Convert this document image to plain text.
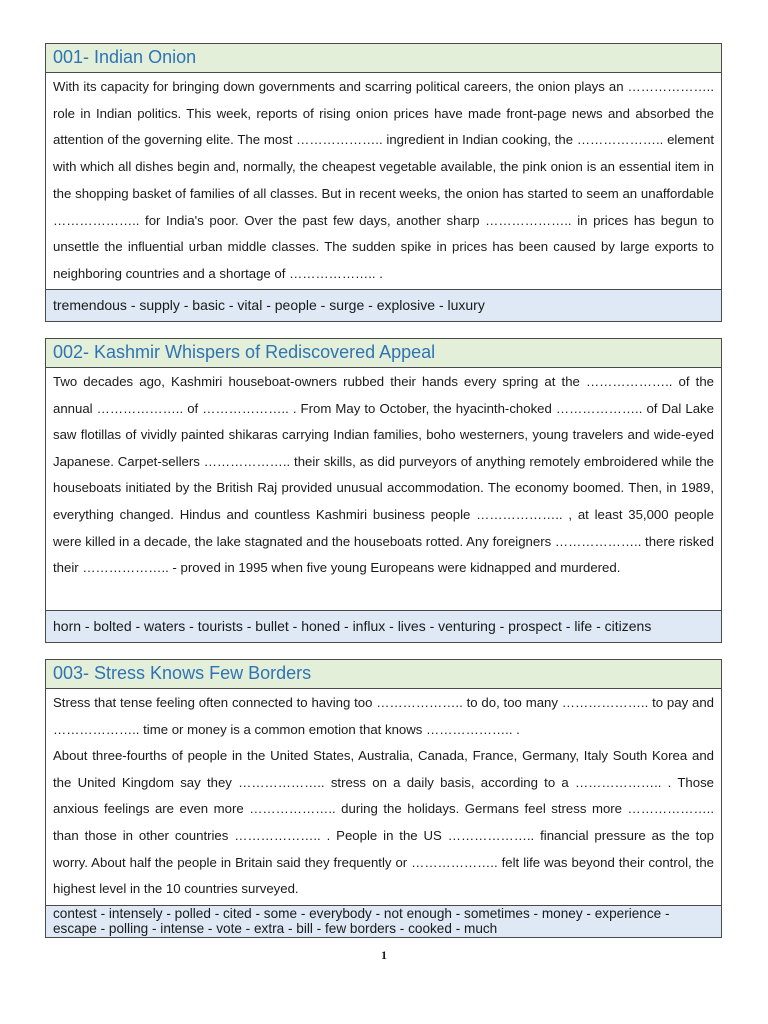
001- Indian Onion

With its capacity for bringing down governments and scarring political careers, the onion plays an ……………….. role in Indian politics. This week, reports of rising onion prices have made front-page news and absorbed the attention of the governing elite. The most ……………….. ingredient in Indian cooking, the ……………….. element with which all dishes begin and, normally, the cheapest vegetable available, the pink onion is an essential item in the shopping basket of families of all classes. But in recent weeks, the onion has started to seem an unaffordable ……………….. for India's poor. Over the past few days, another sharp ……………….. in prices has begun to unsettle the influential urban middle classes. The sudden spike in prices has been caused by large exports to neighboring countries and a shortage of ……………….. .

tremendous - supply - basic - vital - people - surge - explosive - luxury
002- Kashmir Whispers of Rediscovered Appeal

Two decades ago, Kashmiri houseboat-owners rubbed their hands every spring at the ……………….. of the annual ……………….. of ……………….. . From May to October, the hyacinth-choked ……………….. of Dal Lake saw flotillas of vividly painted shikaras carrying Indian families, boho westerners, young travelers and wide-eyed Japanese. Carpet-sellers ……………….. their skills, as did purveyors of anything remotely embroidered while the houseboats initiated by the British Raj provided unusual accommodation. The economy boomed. Then, in 1989, everything changed. Hindus and countless Kashmiri business people ……………….. , at least 35,000 people were killed in a decade, the lake stagnated and the houseboats rotted. Any foreigners ……………….. there risked their ……………….. - proved in 1995 when five young Europeans were kidnapped and murdered.

horn - bolted - waters - tourists - bullet - honed - influx - lives - venturing - prospect - life - citizens
003- Stress Knows Few Borders

Stress that tense feeling often connected to having too ……………….. to do, too many ……………….. to pay and ……………….. time or money is a common emotion that knows ……………….. .

About three-fourths of people in the United States, Australia, Canada, France, Germany, Italy South Korea and the United Kingdom say they ……………….. stress on a daily basis, according to a ……………….. . Those anxious feelings are even more ……………….. during the holidays. Germans feel stress more ……………….. than those in other countries ……………….. . People in the US ……………….. financial pressure as the top worry. About half the people in Britain said they frequently or ……………….. felt life was beyond their control, the highest level in the 10 countries surveyed.

contest - intensely - polled - cited - some - everybody - not enough - sometimes - money - experience - escape - polling - intense - vote - extra - bill - few borders - cooked - much
1
